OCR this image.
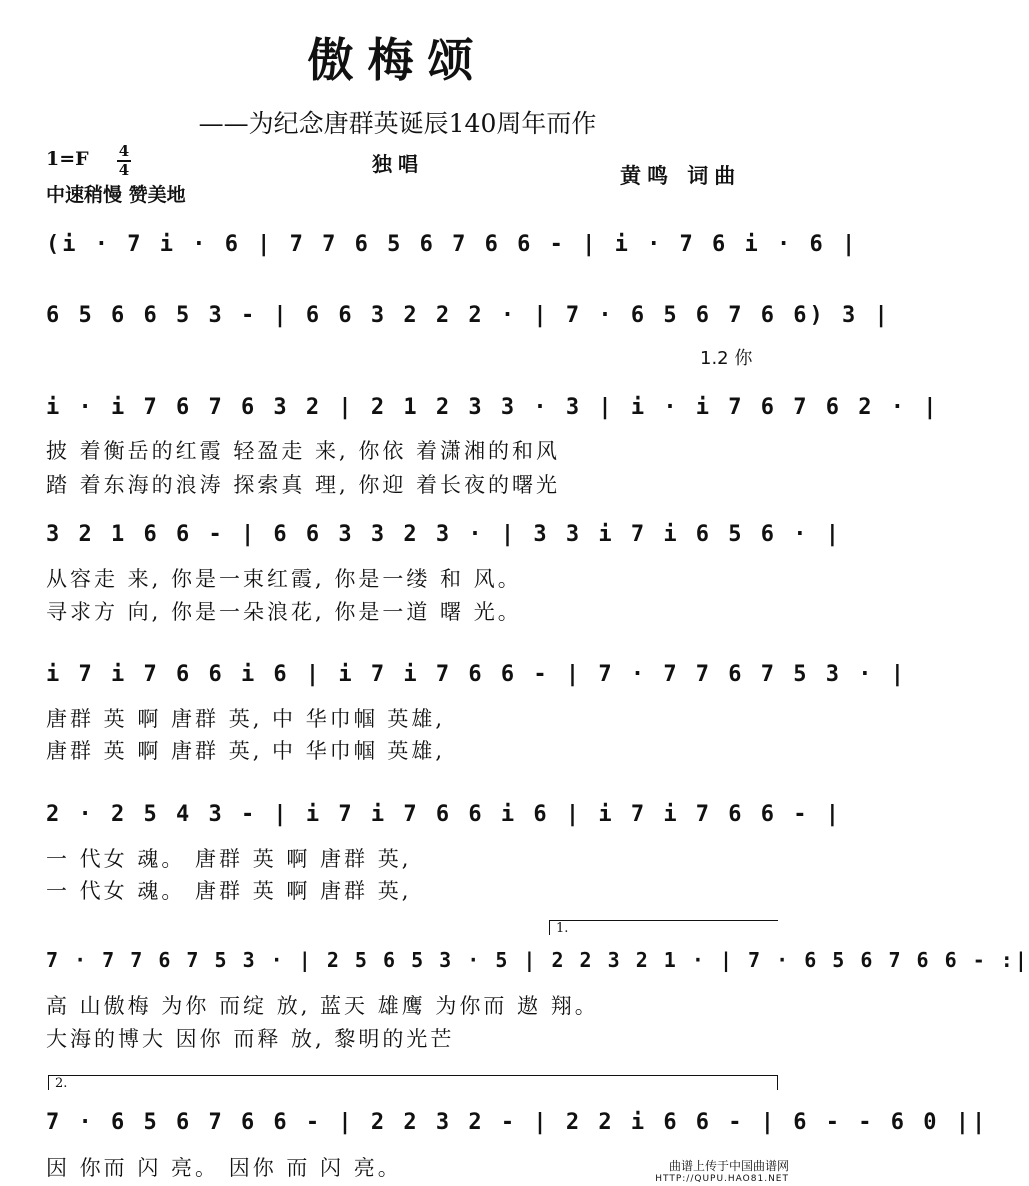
傲梅颂
——为纪念唐群英诞辰140周年而作
1=F 4
4
中速稍慢 赞美地
独唱	黄鸣 词曲
(i · 7 i · 6 | 7 7 6 5 6 7 6 6 - | i · 7 6 i · 6 |
6 5 6 6 5 3 - | 6 6 3 2 2 2 · | 7 · 6 5 6 7 6 6) 3 |
1.2 你
i · i 7 6 7 6 3 2 | 2 1 2 3 3 · 3 | i · i 7 6 7 6 2 · |
披 着衡岳的红霞 轻盈走 来, 你依 着潇湘的和风
踏 着东海的浪涛 探索真 理, 你迎 着长夜的曙光
3 2 1 6 6 - | 6 6 3 3 2 3 · | 3 3 i 7 i 6 5 6 · |
从容走 来, 你是一束红霞, 你是一缕 和 风。
寻求方 向, 你是一朵浪花, 你是一道 曙 光。
i 7 i 7 6 6 i 6 | i 7 i 7 6 6 - | 7 · 7 7 6 7 5 3 · |
唐群 英 啊 唐群 英, 中 华巾帼 英雄,
唐群 英 啊 唐群 英, 中 华巾帼 英雄,
2 · 2 5 4 3 - | i 7 i 7 6 6 i 6 | i 7 i 7 6 6 - |
一 代女 魂。 唐群 英 啊 唐群 英,
一 代女 魂。 唐群 英 啊 唐群 英,
1.
7 · 7 7 6 7 5 3 · | 2 5 6 5 3 · 5 | 2 2 3 2 1 · | 7 · 6 5 6 7 6 6 - :|
高 山傲梅 为你 而绽 放, 蓝天 雄鹰 为你而 遨 翔。
大海的博大 因你 而释 放, 黎明的光芒
2.
7 · 6 5 6 7 6 6 - | 2 2 3 2 - | 2 2 i 6 6 - | 6 - - 6 0 ||
因 你而 闪 亮。 因你 而 闪 亮。	曲谱上传于中国曲谱网
HTTP://QUPU.HAO81.NET
